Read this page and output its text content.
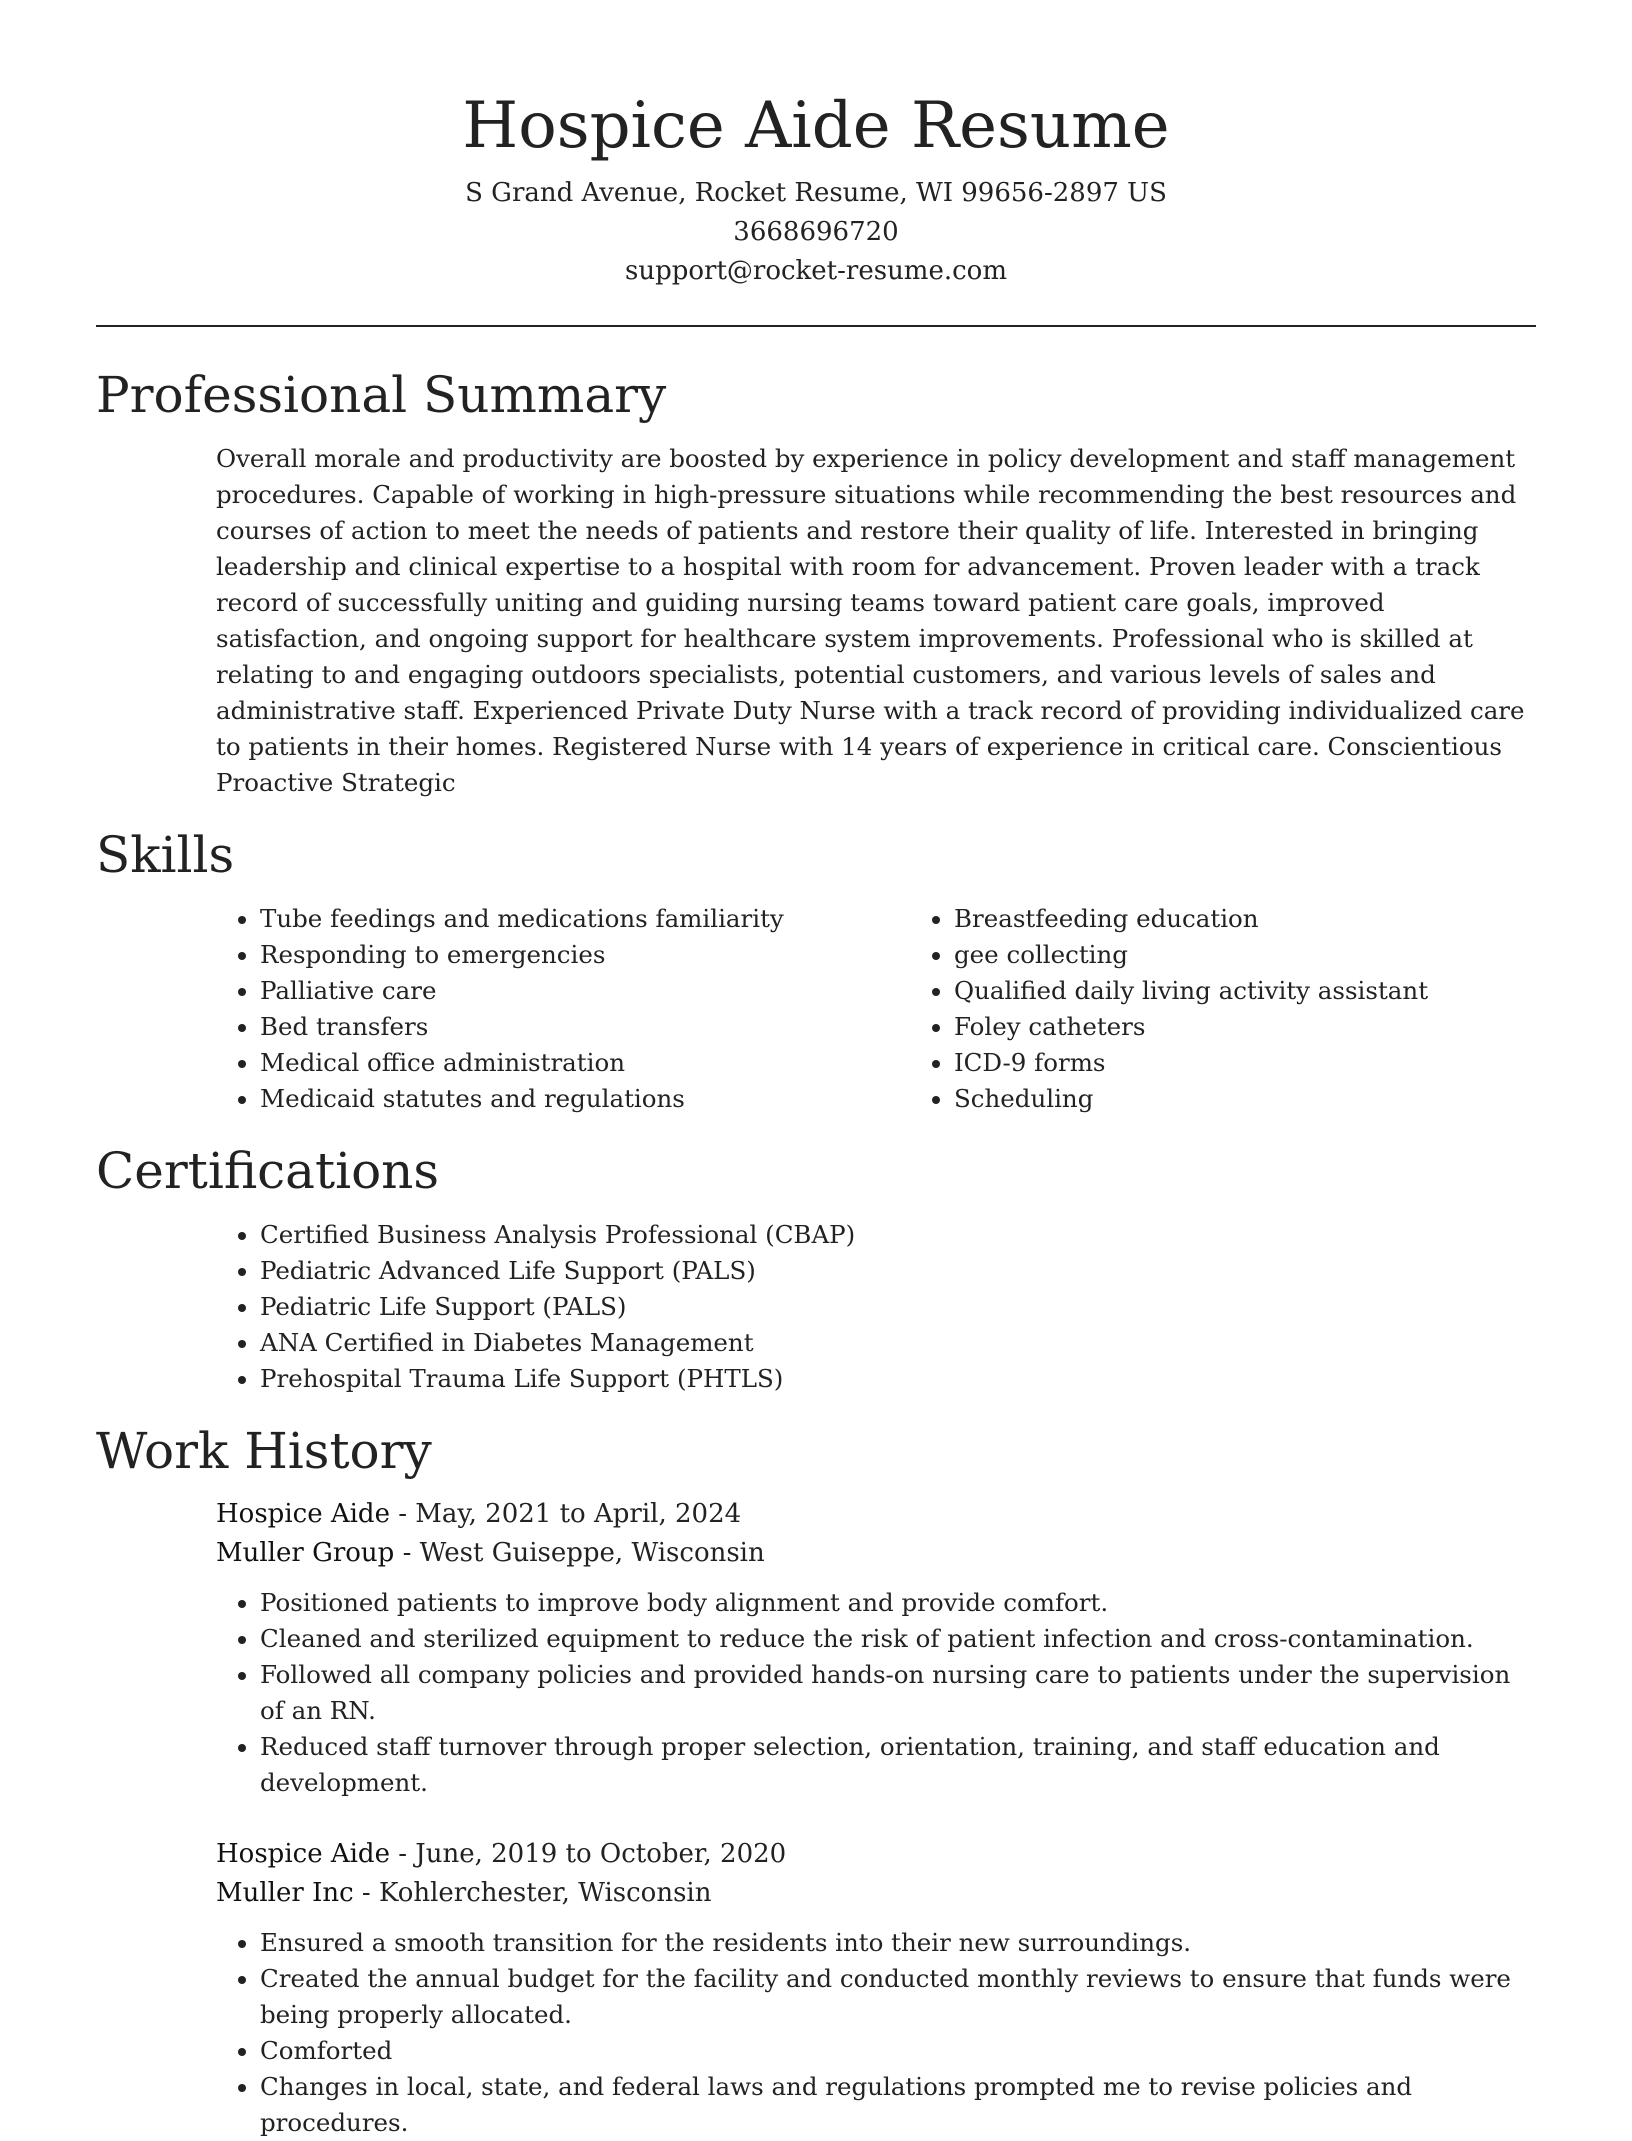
Hospice Aide Resume
S Grand Avenue, Rocket Resume, WI 99656-2897 US
3668696720
support@rocket-resume.com
Professional Summary

Overall morale and productivity are boosted by experience in policy development and staff management procedures. Capable of working in high-pressure situations while recommending the best resources and courses of action to meet the needs of patients and restore their quality of life. Interested in bringing leadership and clinical expertise to a hospital with room for advancement. Proven leader with a track record of successfully uniting and guiding nursing teams toward patient care goals, improved satisfaction, and ongoing support for healthcare system improvements. Professional who is skilled at relating to and engaging outdoors specialists, potential customers, and various levels of sales and administrative staff. Experienced Private Duty Nurse with a track record of providing individualized care to patients in their homes. Registered Nurse with 14 years of experience in critical care. Conscientious Proactive Strategic

Skills
• Tube feedings and medications familiarity
• Responding to emergencies
• Palliative care
• Bed transfers
• Medical office administration
• Medicaid statutes and regulations
• Breastfeeding education
• gee collecting
• Qualified daily living activity assistant
• Foley catheters
• ICD-9 forms
• Scheduling
Certifications
• Certified Business Analysis Professional (CBAP)
• Pediatric Advanced Life Support (PALS)
• Pediatric Life Support (PALS)
• ANA Certified in Diabetes Management
• Prehospital Trauma Life Support (PHTLS)
Work History
Hospice Aide - May, 2021 to April, 2024
Muller Group - West Guiseppe, Wisconsin
• Positioned patients to improve body alignment and provide comfort.
• Cleaned and sterilized equipment to reduce the risk of patient infection and cross-contamination.
• Followed all company policies and provided hands-on nursing care to patients under the supervision of an RN.
• Reduced staff turnover through proper selection, orientation, training, and staff education and development.
Hospice Aide - June, 2019 to October, 2020
Muller Inc - Kohlerchester, Wisconsin
• Ensured a smooth transition for the residents into their new surroundings.
• Created the annual budget for the facility and conducted monthly reviews to ensure that funds were being properly allocated.
• Comforted
• Changes in local, state, and federal laws and regulations prompted me to revise policies and procedures.
